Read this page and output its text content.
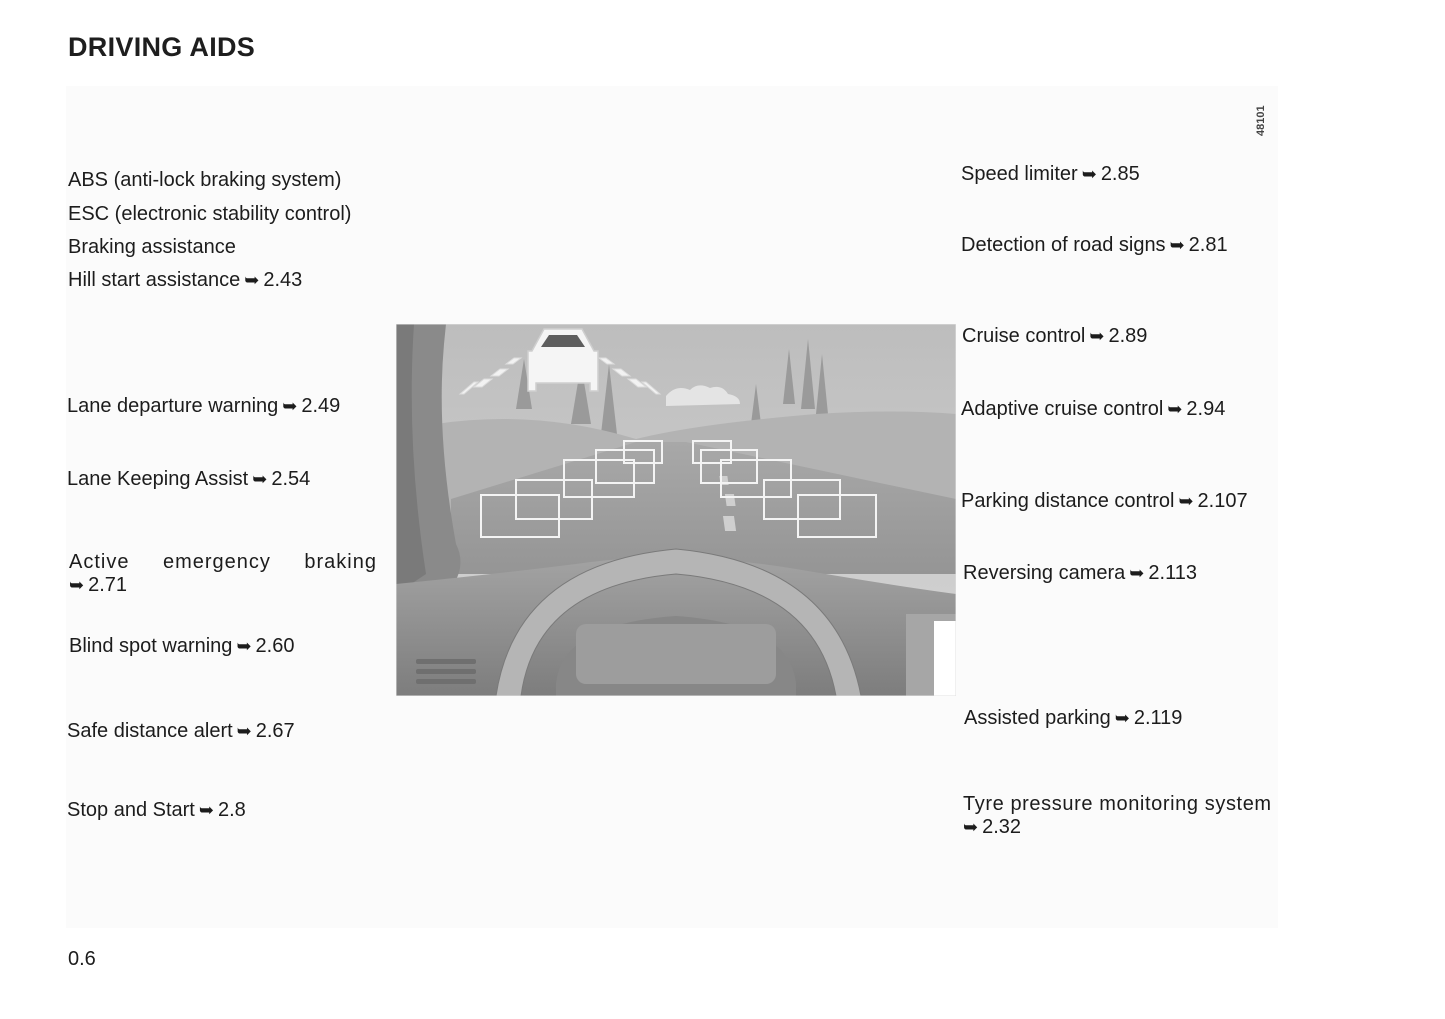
DRIVING AIDS
48101
ABS (anti-lock braking system)
ESC (electronic stability control)
Braking assistance
Hill start assistance ➥ 2.43
Lane departure warning ➥ 2.49
Lane Keeping Assist ➥ 2.54
Active emergency braking
➥ 2.71
Blind spot warning ➥ 2.60
Safe distance alert ➥ 2.67
Stop and Start ➥ 2.8
Speed limiter ➥ 2.85
Detection of road signs ➥ 2.81
Cruise control ➥ 2.89
Adaptive cruise control ➥ 2.94
Parking distance control ➥ 2.107
Reversing camera ➥ 2.113
Assisted parking ➥ 2.119
Tyre pressure monitoring system
➥ 2.32
0.6
